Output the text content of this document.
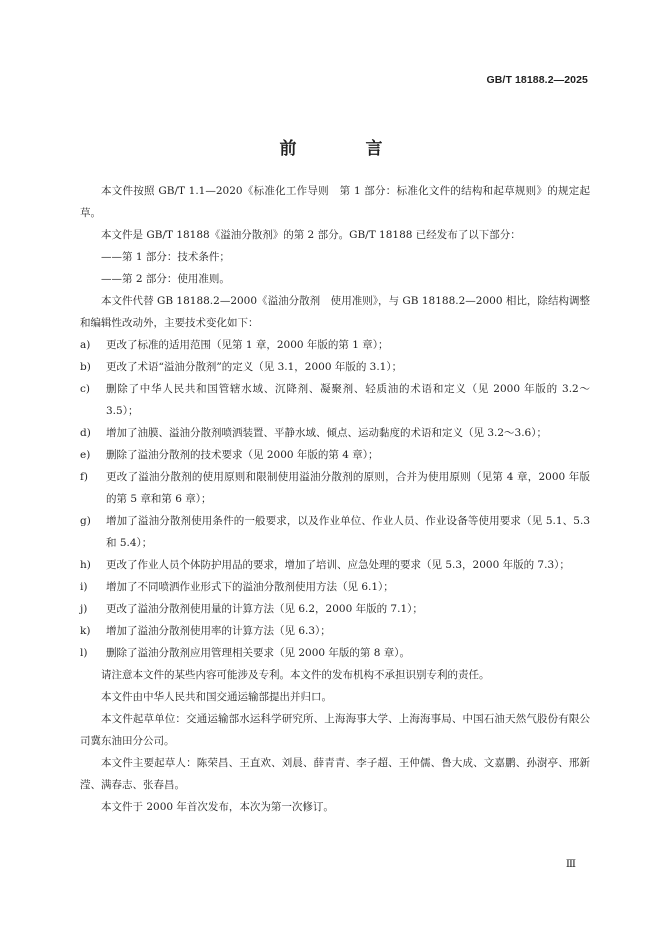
GB/T 18188.2—2025
前　言

本文件按照 GB/T 1.1—2020《标准化工作导则　第 1 部分：标准化文件的结构和起草规则》的规定起草。

本文件是 GB/T 18188《溢油分散剂》的第 2 部分。GB/T 18188 已经发布了以下部分：

——第 1 部分：技术条件；

——第 2 部分：使用准则。

本文件代替 GB 18188.2—2000《溢油分散剂　使用准则》，与 GB 18188.2—2000 相比，除结构调整和编辑性改动外，主要技术变化如下：

a)	更改了标准的适用范围（见第 1 章，2000 年版的第 1 章）；
b)	更改了术语“溢油分散剂”的定义（见 3.1，2000 年版的 3.1）；
c)	删除了中华人民共和国管辖水域、沉降剂、凝聚剂、轻质油的术语和定义（见 2000 年版的 3.2～3.5）；
d)	增加了油膜、溢油分散剂喷洒装置、平静水域、倾点、运动黏度的术语和定义（见 3.2～3.6）；
e)	删除了溢油分散剂的技术要求（见 2000 年版的第 4 章）；
f)	更改了溢油分散剂的使用原则和限制使用溢油分散剂的原则，合并为使用原则（见第 4 章，2000 年版的第 5 章和第 6 章）；
g)	增加了溢油分散剂使用条件的一般要求，以及作业单位、作业人员、作业设备等使用要求（见 5.1、5.3 和 5.4）；
h)	更改了作业人员个体防护用品的要求，增加了培训、应急处理的要求（见 5.3，2000 年版的 7.3）；
i)	增加了不同喷洒作业形式下的溢油分散剂使用方法（见 6.1）；
j)	更改了溢油分散剂使用量的计算方法（见 6.2，2000 年版的 7.1）；
k)	增加了溢油分散剂使用率的计算方法（见 6.3）；
l)	删除了溢油分散剂应用管理相关要求（见 2000 年版的第 8 章）。

请注意本文件的某些内容可能涉及专利。本文件的发布机构不承担识别专利的责任。

本文件由中华人民共和国交通运输部提出并归口。

本文件起草单位：交通运输部水运科学研究所、上海海事大学、上海海事局、中国石油天然气股份有限公司冀东油田分公司。

本文件主要起草人：陈荣昌、王直欢、刘晨、薛青青、李子超、王仲儒、鲁大成、文嘉鹏、孙澍亭、邢新滢、满春志、张春昌。

本文件于 2000 年首次发布，本次为第一次修订。

Ⅲ
